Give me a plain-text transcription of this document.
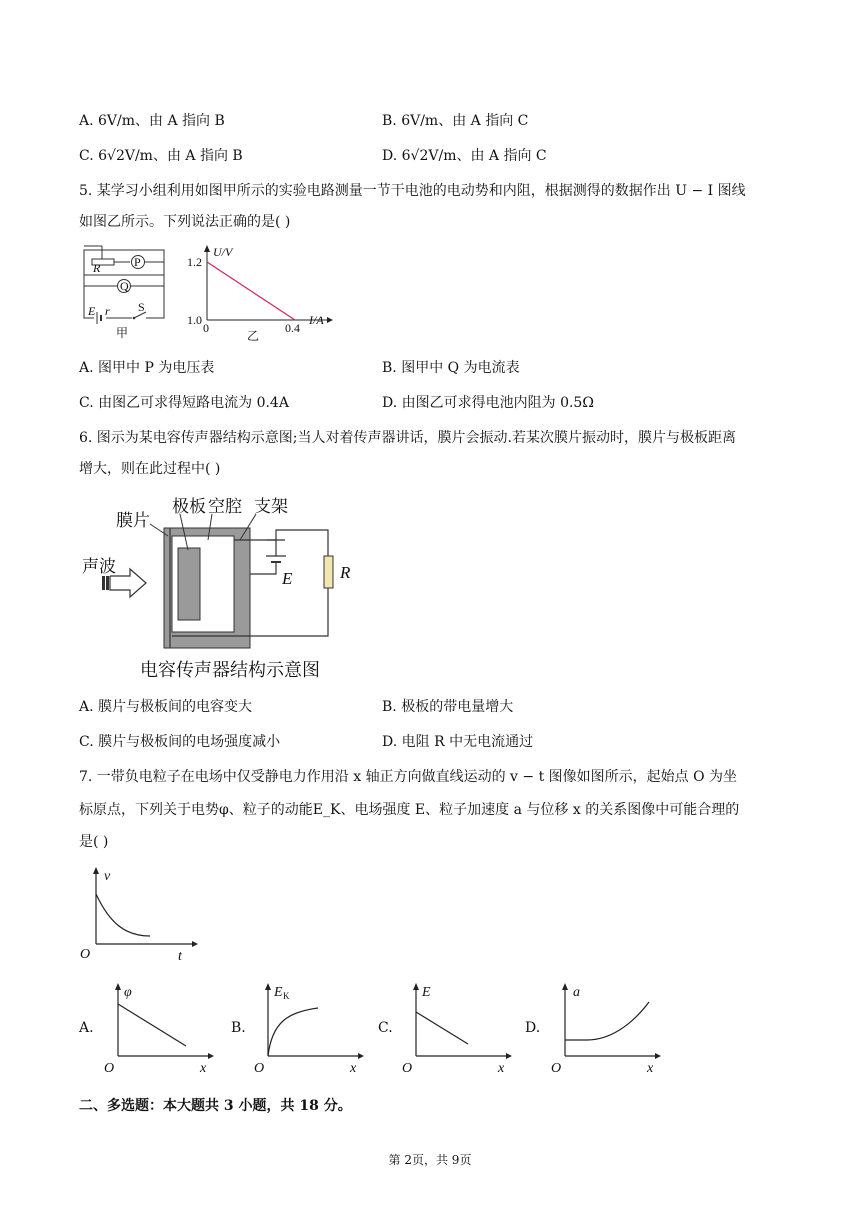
A. 6V/m、由 A 指向 B	B. 6V/m、由 A 指向 C
C. 6√2V/m、由 A 指向 B	D. 6√2V/m、由 A 指向 C
5. 某学习小组利用如图甲所示的实验电路测量一节干电池的电动势和内阻，根据测得的数据作出 U − I 图线
如图乙所示。下列说法正确的是( )
R	P
Q
E r S
甲
U/V
I/A
1.2
1.0
0	0.4
乙
A. 图甲中 P 为电压表	B. 图甲中 Q 为电流表
C. 由图乙可求得短路电流为 0.4A	D. 由图乙可求得电池内阻为 0.5Ω
6. 图示为某电容传声器结构示意图;当人对着传声器讲话，膜片会振动.若某次膜片振动时，膜片与极板距离
增大，则在此过程中( )
膜片
极板 空腔 支架
声波
E	R
电容传声器结构示意图
A. 膜片与极板间的电容变大	B. 极板的带电量增大
C. 膜片与极板间的电场强度减小	D. 电阻 R 中无电流通过
7. 一带负电粒子在电场中仅受静电力作用沿 x 轴正方向做直线运动的 v − t 图像如图所示，起始点 O 为坐
标原点，下列关于电势φ、粒子的动能E_K、电场强度 E、粒子加速度 a 与位移 x 的关系图像中可能合理的
是( )
v
t
O
A.
φ
x
O
B.
E K
x
O
C.
E
x
O
D.
a
x
O
二、多选题：本大题共 3 小题，共 18 分。
第 2页，共 9页
